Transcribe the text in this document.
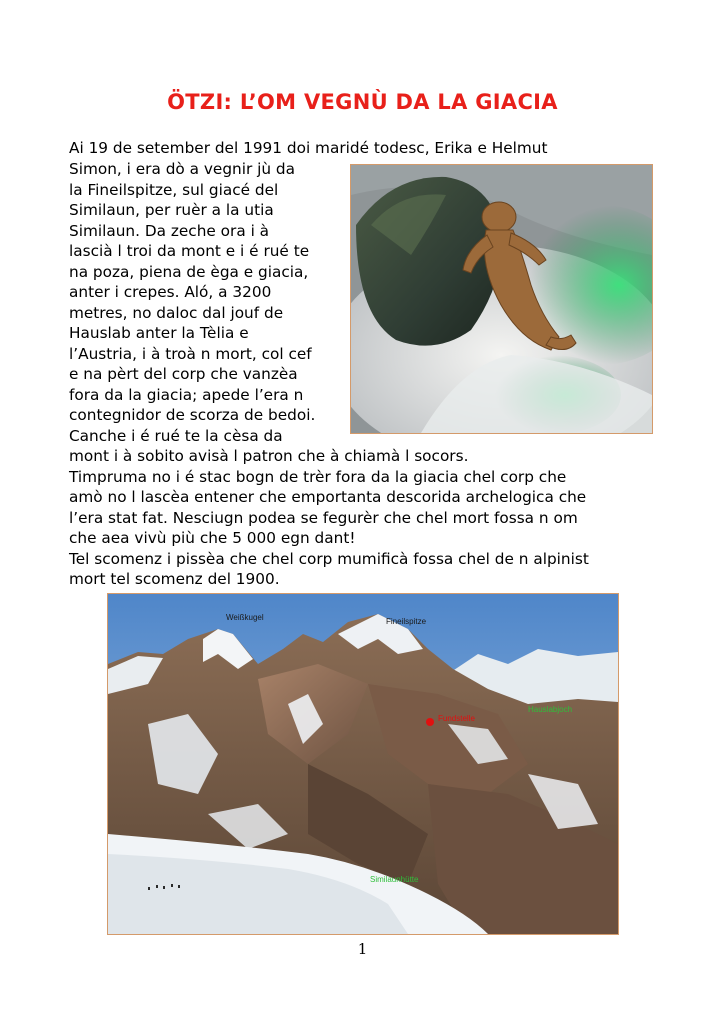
ÖTZI: L’OM VEGNÙ DA LA GIACIA

Ai 19 de setember del 1991 doi maridé todesc, Erika e Helmut

Simon, i era dò a vegnir jù da
la Fineilspitze, sul giacé del
Similaun, per ruèr a la utia
Similaun. Da zeche ora i à
lascià l troi da mont e i é rué te
na poza, piena de èga e giacia,
anter i crepes. Aló, a 3200
metres, no daloc dal jouf de
Hauslab anter la Tèlia e
l’Austria, i à troà n mort, col cef
e na pèrt del corp che vanzèa
fora da la giacia; apede l’era n
contegnidor de scorza de bedoi.
Canche i é rué te la cèsa da
mont i à sobito avisà l patron che à chiamà l socors.
Timpruma no i é stac bogn de trèr fora da la giacia chel corp che
amò no l lascèa entener che emportanta descorida archelogica che
l’era stat fat. Nesciugn podea se fegurèr che chel mort fossa n om
che aea vivù più che 5 000 egn dant!
Tel scomenz i pissèa che chel corp mumificà fossa chel de n alpinist
mort tel scomenz del 1900.
Weißkugel	Fineilspitze
Fundstelle
Hauslabjoch
Similaunhütte
1
